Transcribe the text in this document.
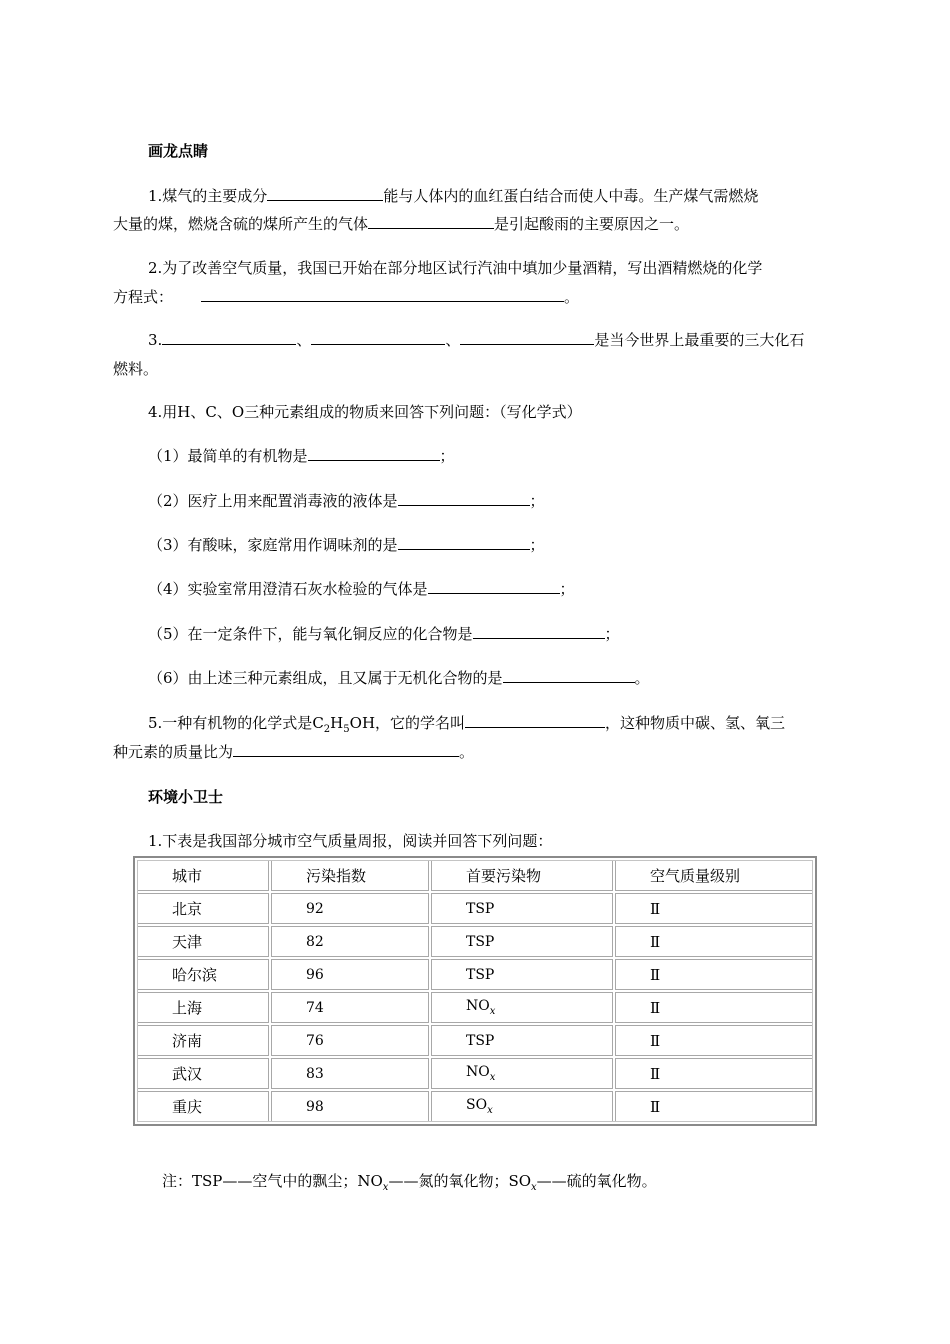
画龙点睛
1.煤气的主要成分	能与人体内的血红蛋白结合而使人中毒。生产煤气需燃烧
大量的煤，燃烧含硫的煤所产生的气体	是引起酸雨的主要原因之一。
2.为了改善空气质量，我国已开始在部分地区试行汽油中填加少量酒精，写出酒精燃烧的化学
方程式：	。
3.	、	、	是当今世界上最重要的三大化石
燃料。
4.用H、C、O三种元素组成的物质来回答下列问题：（写化学式）
（1）最简单的有机物是	；
（2）医疗上用来配置消毒液的液体是	；
（3）有酸味，家庭常用作调味剂的是	；
（4）实验室常用澄清石灰水检验的气体是	；
（5）在一定条件下，能与氧化铜反应的化合物是	；
（6）由上述三种元素组成，且又属于无机化合物的是	。
5.一种有机物的化学式是$C_2H_5OH$，它的学名叫	，这种物质中碳、氢、氧三
种元素的质量比为	。
环境小卫士
1.下表是我国部分城市空气质量周报，阅读并回答下列问题：
城市	污染指数	首要污染物	空气质量级别
北京	92	TSP	Ⅱ
天津	82	TSP	Ⅱ
哈尔滨	96	TSP	Ⅱ
上海	74	$NO_x$	Ⅱ
济南	76	TSP	Ⅱ
武汉	83	$NO_x$	Ⅱ
重庆	98	$SO_x$	Ⅱ
注：TSP——空气中的飘尘；$NO_x——$氮的氧化物；$SO_x——$硫的氧化物。
